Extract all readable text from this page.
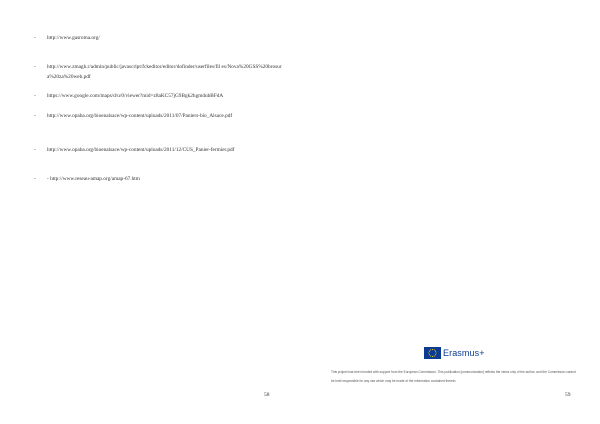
- http://www.gasroma.org/
- http://www.zmagh.r/admin/public/javascript/fckeditor/editor/dofinder/userfiles/fil es/Nova%20GSS%20brosura%20za%20web.pdf
- https://www.google.com/maps/d/u/0/viewer?mid=z8aKC57jG9Bgk2hgmdubBFdA
- http://www.opaba.org/bioenalsace/wp-content/uploads/2011/07/Paniers-bio_Alsace.pdf
- http://www.opaba.org/bioenalsace/wp-content/uploads/2011/12/CUS_Panier-fermier.pdf
- - http://www.reseau-amap.org/amap-67.htm
58
Erasmus+
This project has been funded with support from the European Commission. This publication [communication] reflects the views only of the author, and the Commission cannot be held responsible for any use which may be made of the information contained therein.
59
